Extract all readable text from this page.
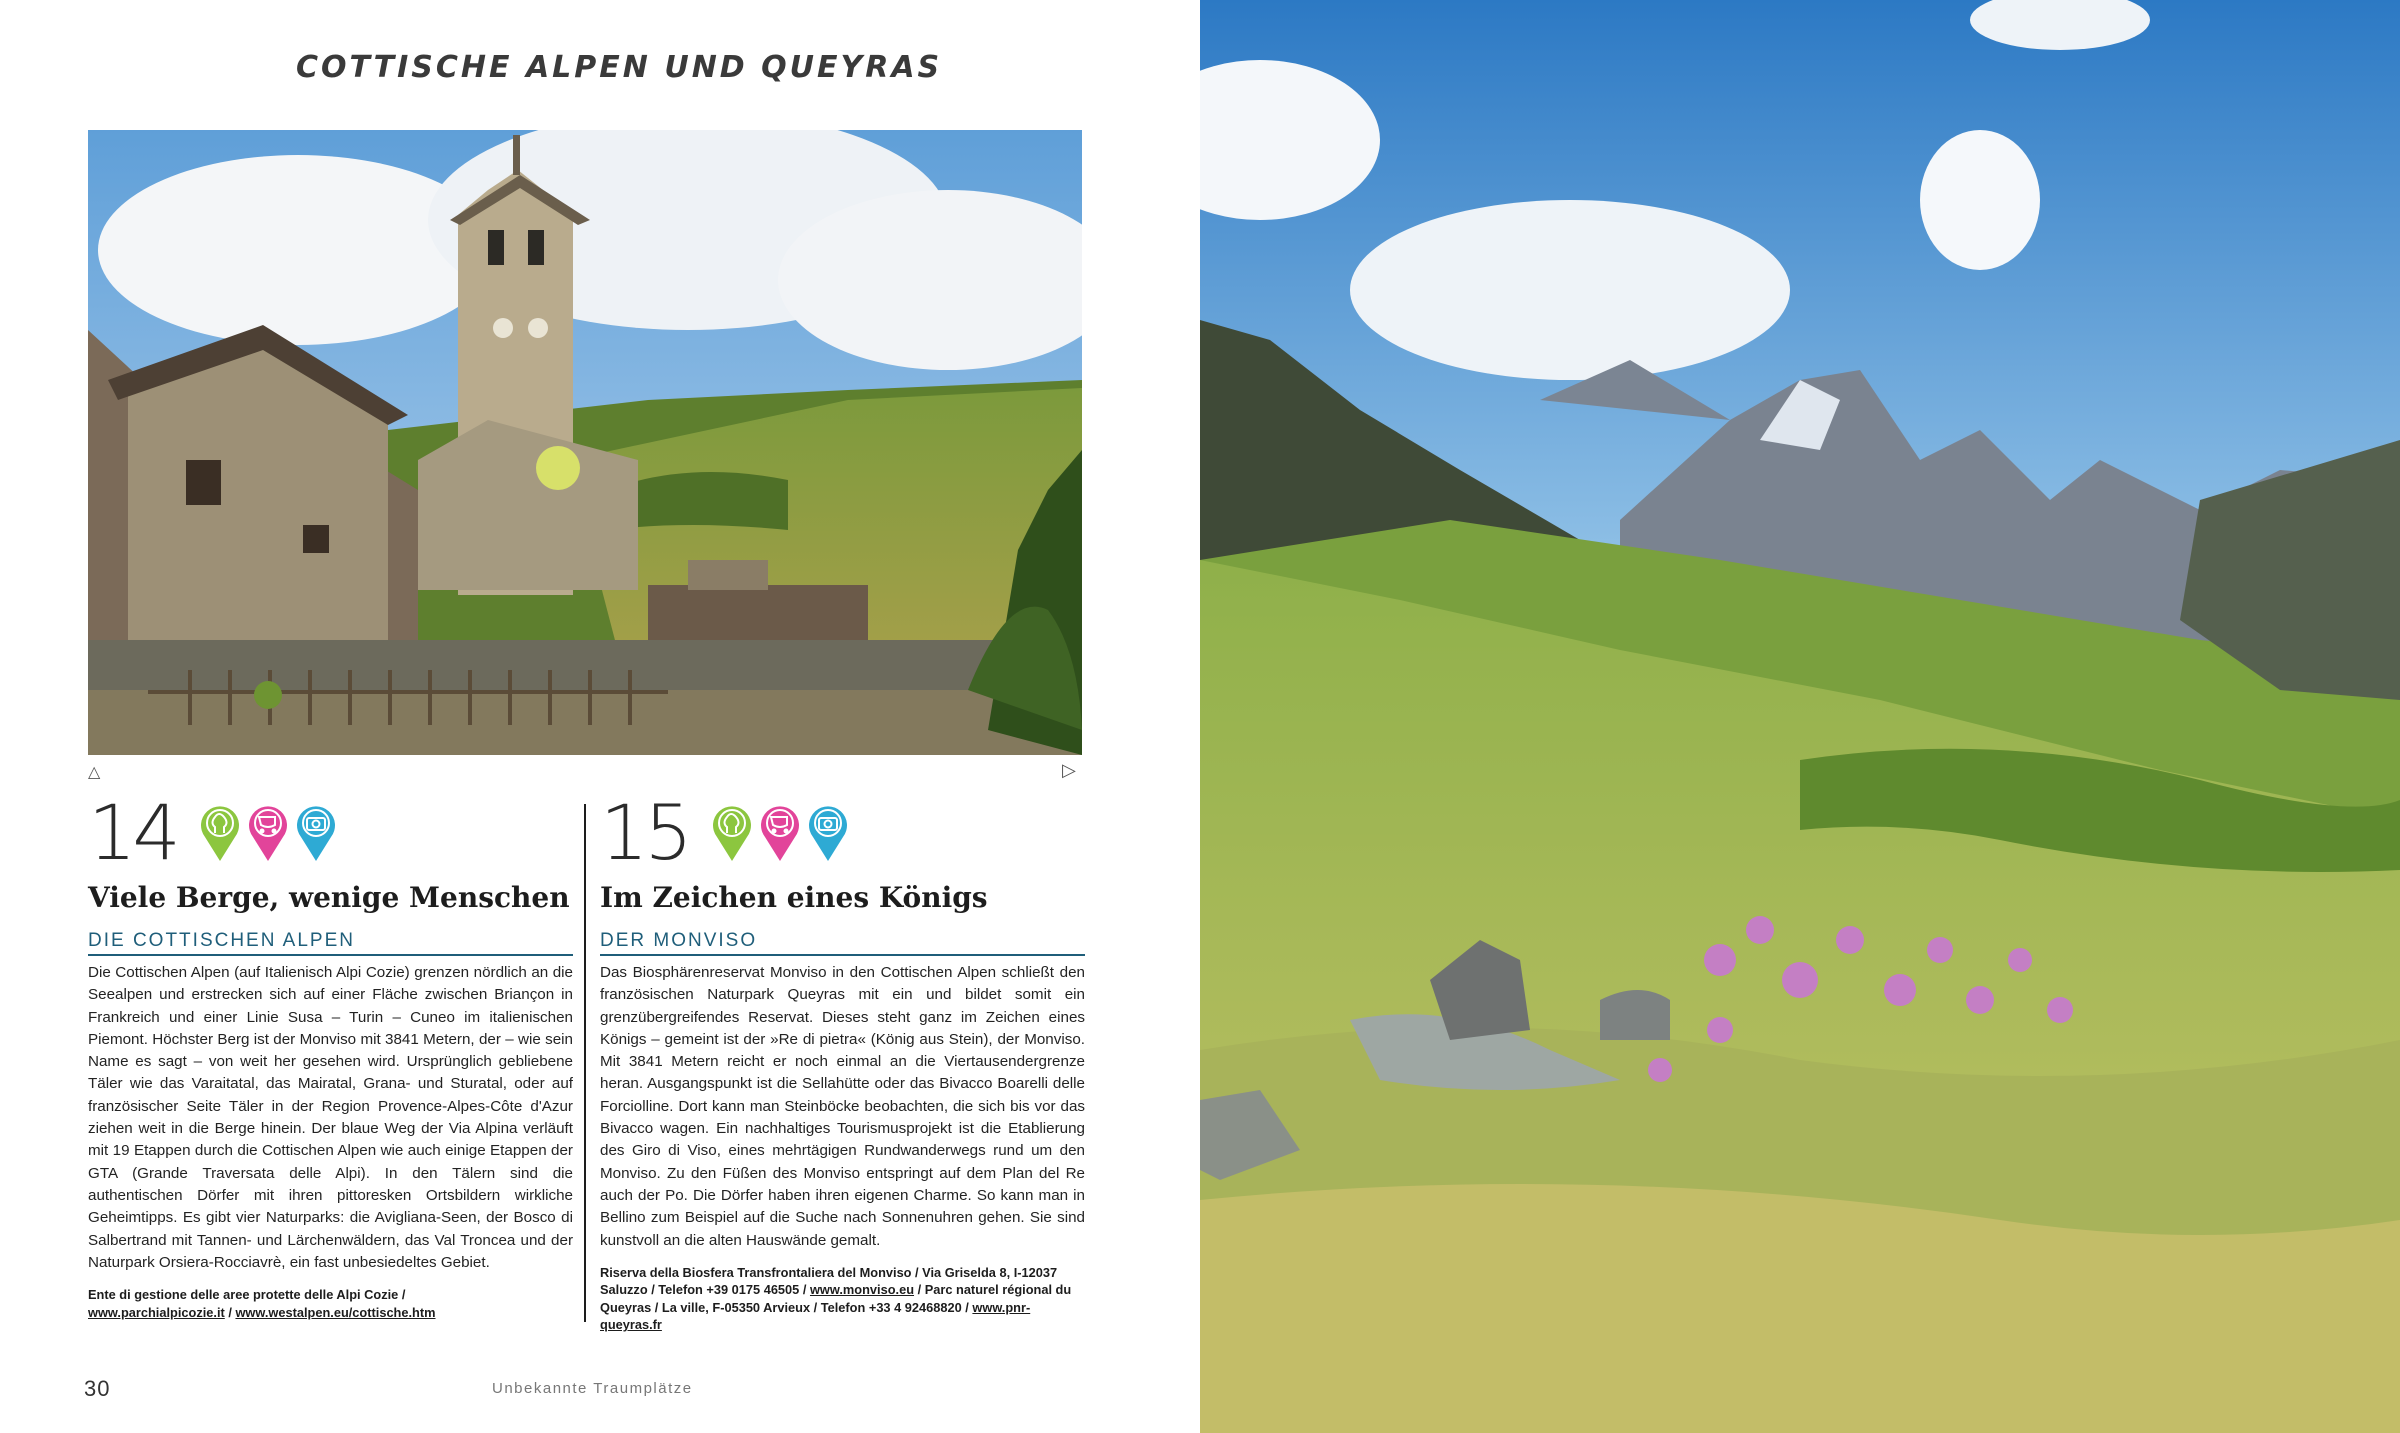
COTTISCHE ALPEN UND QUEYRAS
△	▷
14
Viele Berge, wenige Menschen
DIE COTTISCHEN ALPEN
Die Cottischen Alpen (auf Italienisch Alpi Cozie) grenzen nördlich an die Seealpen und erstrecken sich auf einer Fläche zwischen Briançon in Frankreich und einer Linie Susa – Turin – Cuneo im italienischen Piemont. Höchster Berg ist der Monviso mit 3841 Metern, der – wie sein Name es sagt – von weit her gesehen wird. Ursprünglich gebliebene Täler wie das Varaitatal, das Mairatal, Grana- und Sturatal, oder auf französischer Seite Täler in der Region Provence-Alpes-Côte d'Azur ziehen weit in die Berge hinein. Der blaue Weg der Via Alpina verläuft mit 19 Etappen durch die Cottischen Alpen wie auch einige Etappen der GTA (Grande Traversata delle Alpi). In den Tälern sind die authentischen Dörfer mit ihren pittoresken Ortsbildern wirkliche Geheimtipps. Es gibt vier Naturparks: die Avigliana-Seen, der Bosco di Salbertrand mit Tannen- und Lärchenwäldern, das Val Troncea und der Naturpark Orsiera-Rocciavrè, ein fast unbesiedeltes Gebiet.
Ente di gestione delle aree protette delle Alpi Cozie /
www.parchialpicozie.it / www.westalpen.eu/cottische.htm
15
Im Zeichen eines Königs
DER MONVISO
Das Biosphärenreservat Monviso in den Cottischen Alpen schließt den französischen Naturpark Queyras mit ein und bildet somit ein grenzübergreifendes Reservat. Dieses steht ganz im Zeichen eines Königs – gemeint ist der »Re di pietra« (König aus Stein), der Monviso. Mit 3841 Metern reicht er noch einmal an die Viertausendergrenze heran. Ausgangspunkt ist die Sellahütte oder das Bivacco Boarelli delle Forciolline. Dort kann man Steinböcke beobachten, die sich bis vor das Bivacco wagen. Ein nachhaltiges Tourismusprojekt ist die Etablierung des Giro di Viso, eines mehrtägigen Rundwanderwegs rund um den Monviso. Zu den Füßen des Monviso entspringt auf dem Plan del Re auch der Po. Die Dörfer haben ihren eigenen Charme. So kann man in Bellino zum Beispiel auf die Suche nach Sonnenuhren gehen. Sie sind kunstvoll an die alten Hauswände gemalt.
Riserva della Biosfera Transfrontaliera del Monviso / Via Griselda 8, I-12037 Saluzzo / Telefon +39 0175 46505 / www.monviso.eu / Parc naturel régional du Queyras / La ville, F-05350 Arvieux / Telefon +33 4 92468820 / www.pnr-queyras.fr
30	Unbekannte Traumplätze
